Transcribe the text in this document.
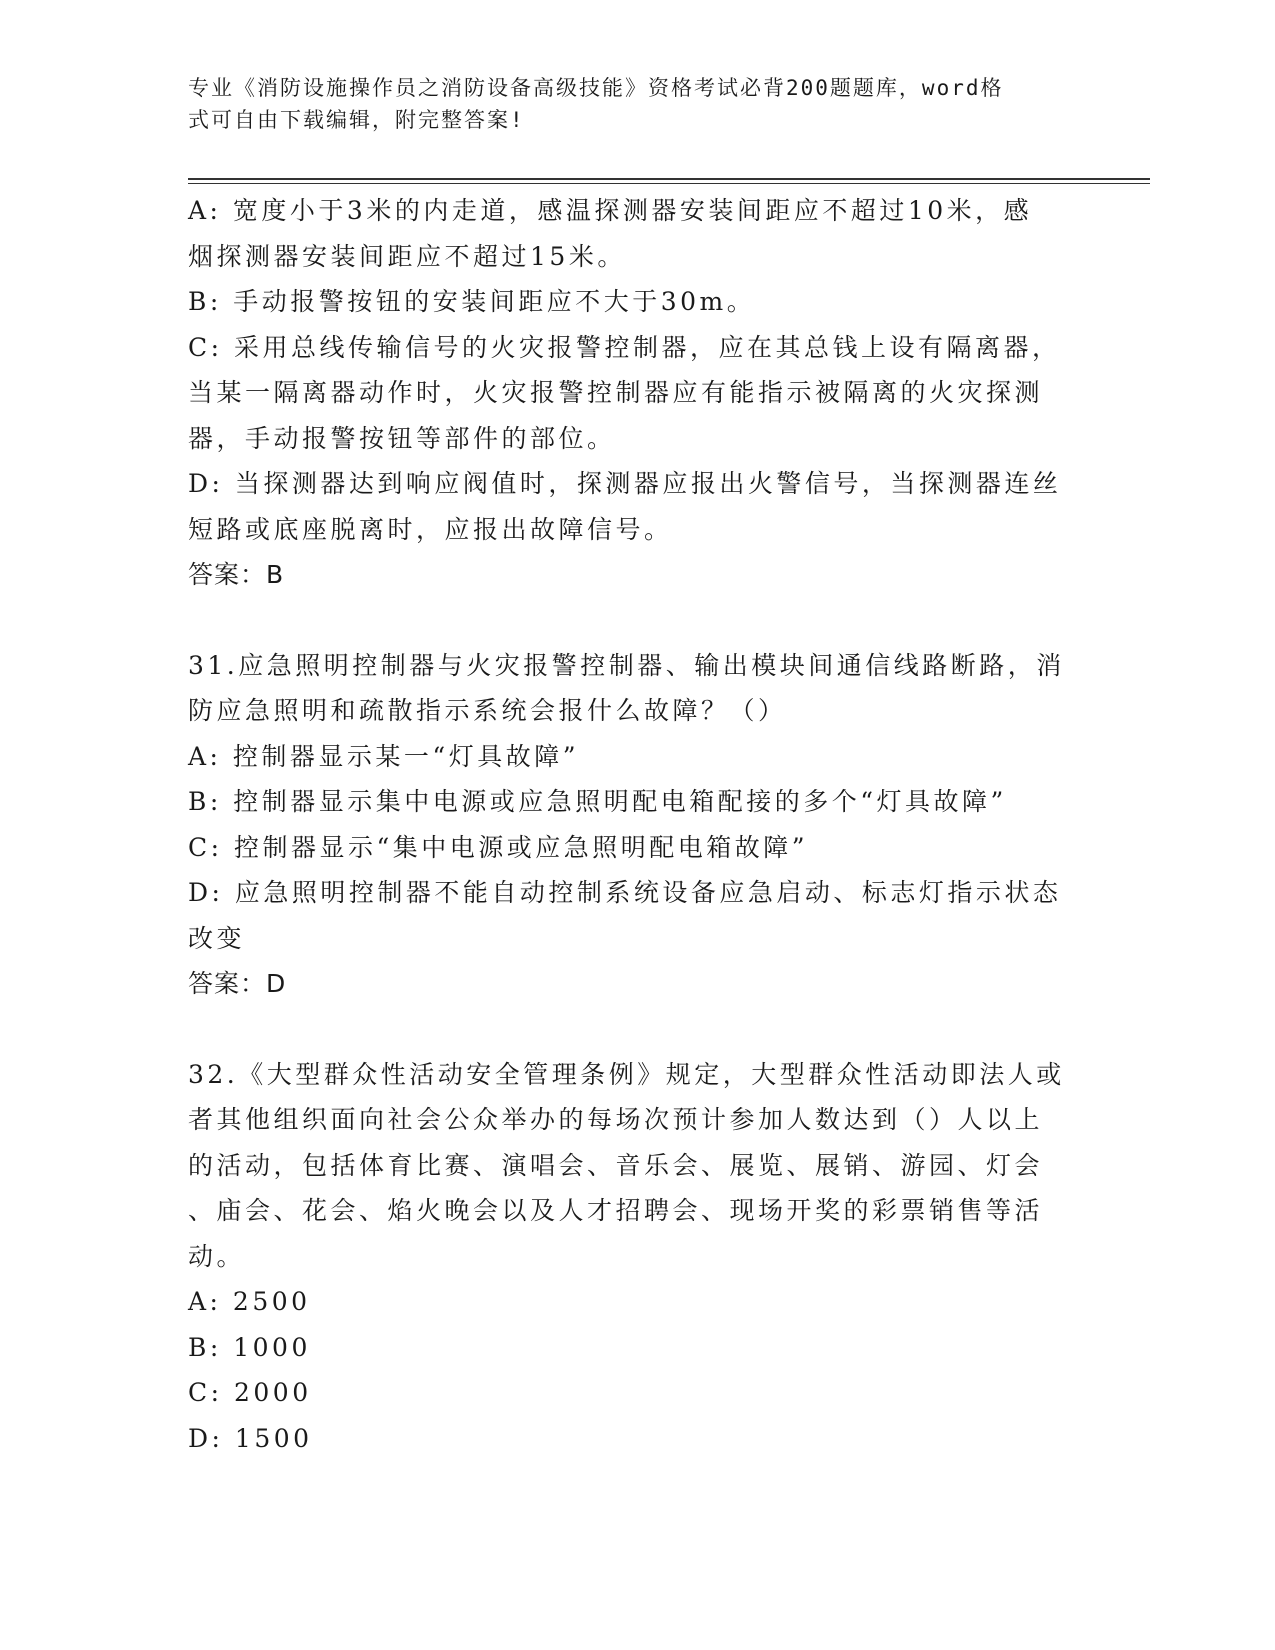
专业《消防设施操作员之消防设备高级技能》资格考试必背200题题库，word格
式可自由下载编辑，附完整答案!
A: 宽度小于3米的内走道，感温探测器安装间距应不超过10米，感
烟探测器安装间距应不超过15米。
B: 手动报警按钮的安装间距应不大于30m。
C: 采用总线传输信号的火灾报警控制器，应在其总钱上设有隔离器，
当某一隔离器动作时，火灾报警控制器应有能指示被隔离的火灾探测
器，手动报警按钮等部件的部位。
D: 当探测器达到响应阀值时，探测器应报出火警信号，当探测器连丝
短路或底座脱离时，应报出故障信号。
答案：B
31.应急照明控制器与火灾报警控制器、输出模块间通信线路断路，消
防应急照明和疏散指示系统会报什么故障？（）
A: 控制器显示某一“灯具故障”
B: 控制器显示集中电源或应急照明配电箱配接的多个“灯具故障”
C: 控制器显示“集中电源或应急照明配电箱故障”
D: 应急照明控制器不能自动控制系统设备应急启动、标志灯指示状态
改变
答案：D
32.《大型群众性活动安全管理条例》规定，大型群众性活动即法人或
者其他组织面向社会公众举办的每场次预计参加人数达到（）人以上
的活动，包括体育比赛、演唱会、音乐会、展览、展销、游园、灯会
、庙会、花会、焰火晚会以及人才招聘会、现场开奖的彩票销售等活
动。
A: 2500
B: 1000
C: 2000
D: 1500
